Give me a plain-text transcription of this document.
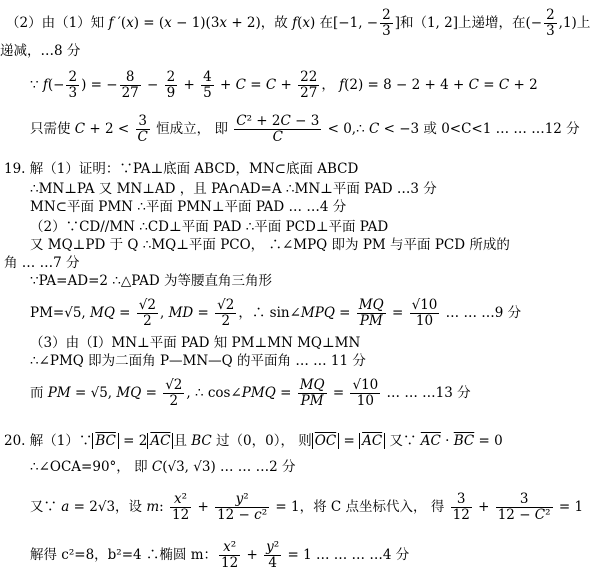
（2）由（1）知 f ′(x) = (x − 1)(3x + 2)，故 f(x) 在[−1, − $\frac{2}{3}$ ]和（1, 2]上递增，在(− $\frac{2}{3} ,1$)上
递减，…8 分
∵ $f(- \frac{2}{3}$ ) = − $\frac{8}{27} - \frac{2}{9} + \frac{4}{5} + C = C + \frac{22}{27}$ ， f(2) = 8 − 2 + 4 + C = C + 2
只需使 $C + 2 < \frac{3}{C}$ 恒成立， 即 $\frac{\text{C² + 2C − 3}}{C}$ < 0,∴ C < −3 或 0<C<1 … … …12 分
19. 解（1）证明：∵PA⊥底面 ABCD，MN⊂底面 ABCD
∴MN⊥PA 又 MN⊥AD ，且 PA∩AD=A ∴MN⊥平面 PAD …3 分
MN⊂平面 PMN ∴平面 PMN⊥平面 PAD … …4 分
（2）∵CD//MN ∴CD⊥平面 PAD ∴平面 PCD⊥平面 PAD
又 MQ⊥PD 于 Q ∴MQ⊥平面 PCO， ∴∠MPQ 即为 PM 与平面 PCD 所成的
角 … …7 分
∵PA=AD=2 ∴△PAD 为等腰直角三角形
PM=√5, MQ = $\frac{√2}{2}$ , MD = $\frac{√2}{2}$ ，∴ sin∠MPQ = $\frac{MQ}{PM} = \frac{√10}{10}$ … … …9 分
（3）由（Ⅰ）MN⊥平面 PAD 知 PM⊥MN MQ⊥MN
∴∠PMQ 即为二面角 P—MN—Q 的平面角 … … 11 分
而 PM = √5, MQ = $\frac{√2}{2}$ , ∴ cos∠PMQ = $\frac{MQ}{PM} = \frac{√10}{10}$ … … …13 分
20. 解（1）∵ $\overline{BC} = 2$ $\overline{AC}$ 且 BC 过（0，0）， 则 $\overline{OC} = \overline{AC}$ 又∵ $\overline{AC} \cdot \overline{BC} = 0$
∴∠OCA=90°， 即 C(√3, √3) … … …2 分
又∵ a = 2√3，设 m: $\frac{\text{x²}}{12} + \frac{\text{y²}}{\text{12 − c²}} = 1$，将 C 点坐标代入， 得 $\frac{3}{12} + \frac{3}{\text{12 − C²}} = 1$
解得 c²=8，b²=4 ∴椭圆 m： $\frac{\text{x²}}{12} + \frac{\text{y²}}{4} = 1$ … … … …4 分
